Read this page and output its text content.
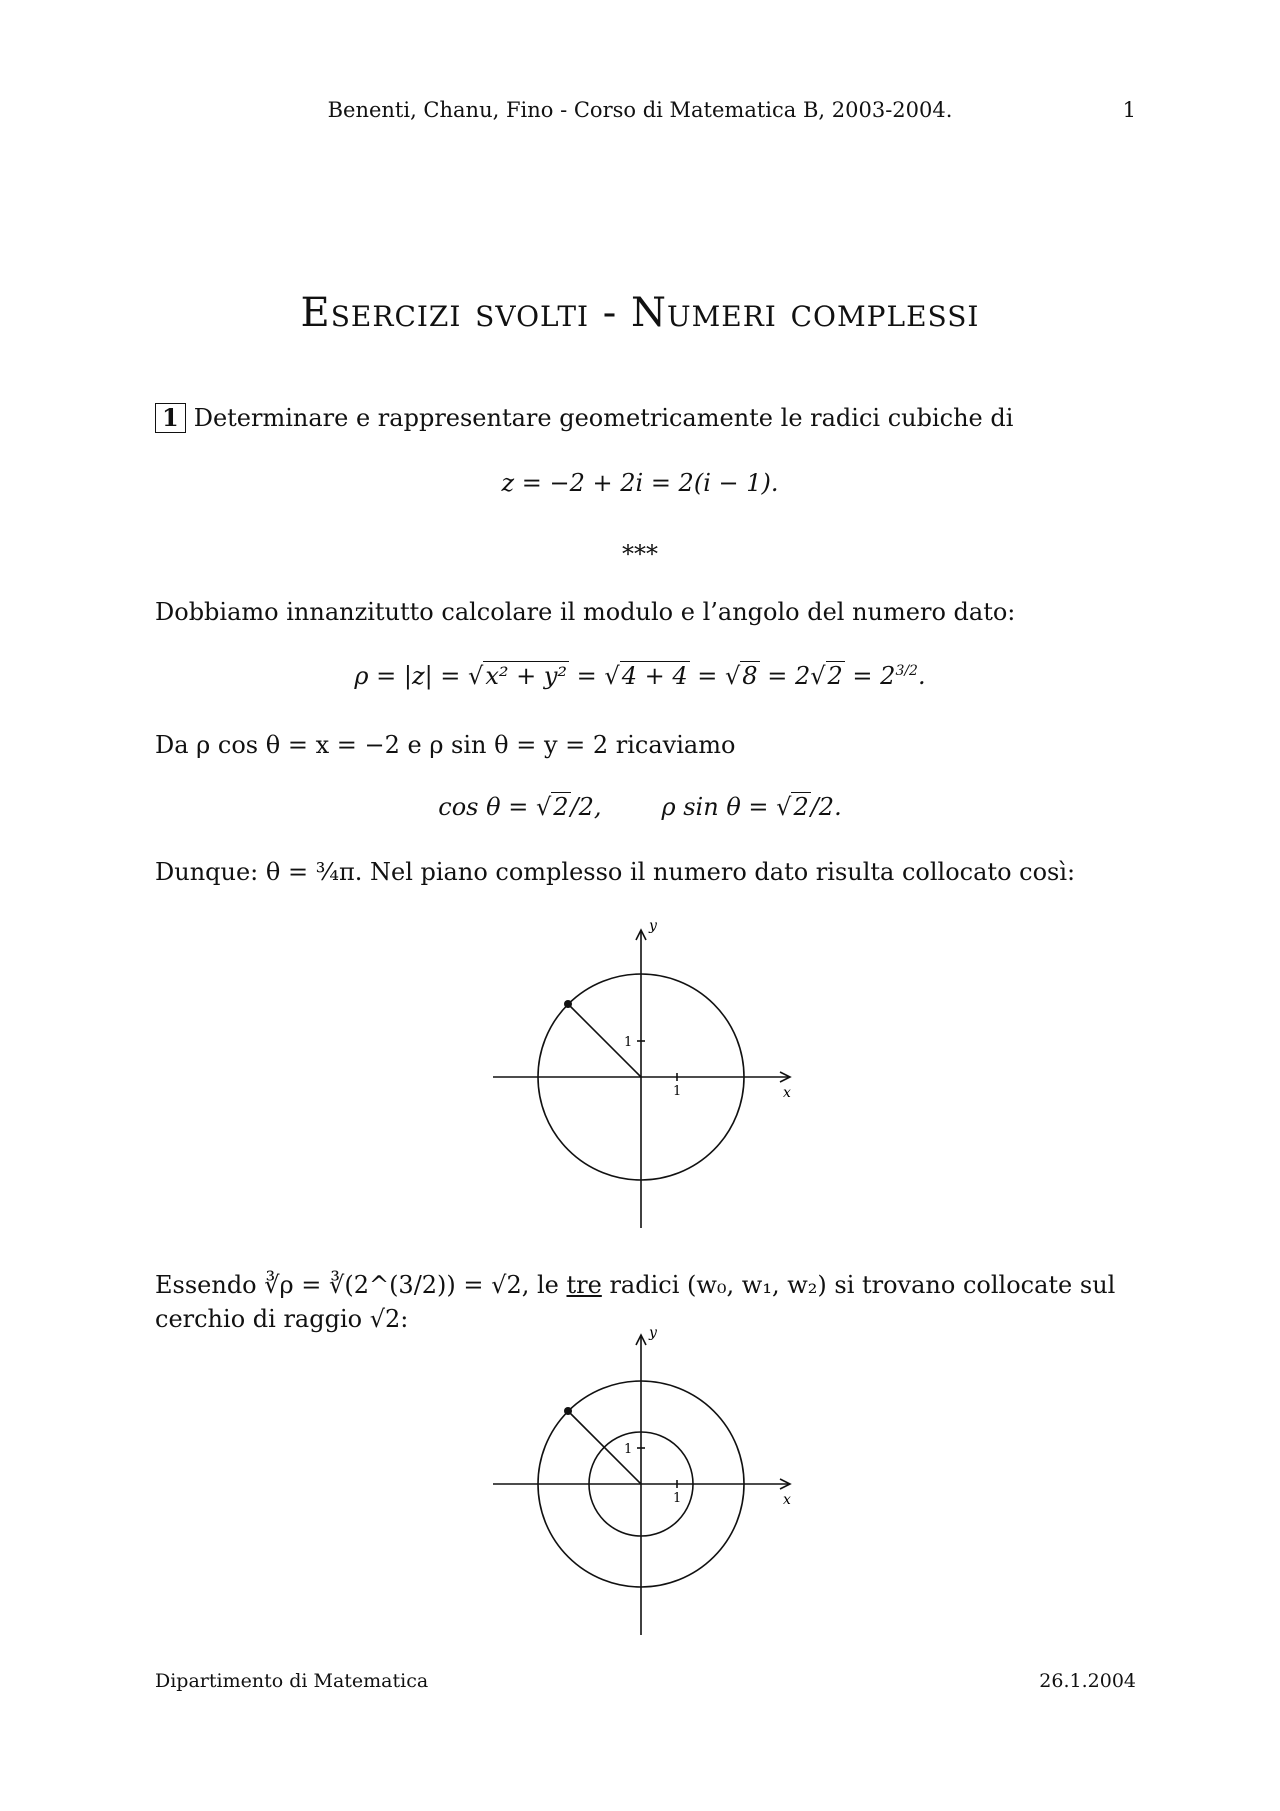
Benenti, Chanu, Fino - Corso di Matematica B, 2003-2004.	1
Esercizi svolti - Numeri complessi
1 Determinare e rappresentare geometricamente le radici cubiche di
z = −2 + 2i = 2(i − 1).
***
Dobbiamo innanzitutto calcolare il modulo e l’angolo del numero dato:
$\rho = |z| = √x^2 + y^2 = √4 + 4 = √8 = 2√2 = 2^{3/2}$.
Da ρ cos θ = x = −2 e ρ sin θ = y = 2 ricaviamo
cos θ = √2/2,	ρ sin θ = √2/2.
Dunque: θ = ¾π. Nel piano complesso il numero dato risulta collocato così:
y
x
1
1
Essendo ∛ρ = ∛(2^(3/2)) = √2, le tre radici (w₀, w₁, w₂) si trovano collocate sul cerchio di raggio √2:	y
x
1
1
Dipartimento di Matematica	26.1.2004
